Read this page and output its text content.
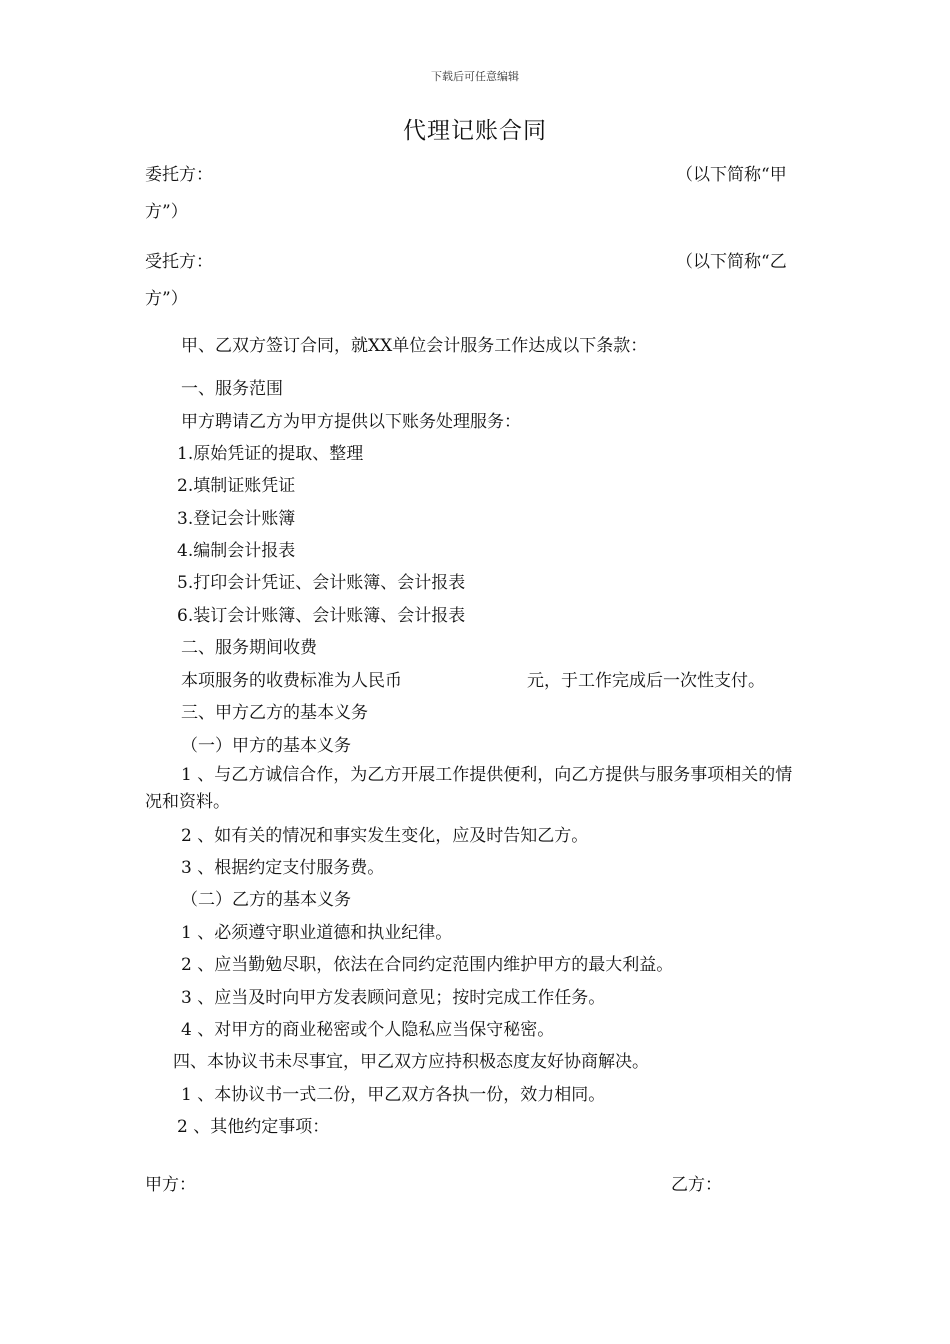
下载后可任意编辑
代理记账合同
委托方：	（以下简称“甲
方”）
受托方：	（以下简称“乙
方”）
甲、乙双方签订合同，就XX单位会计服务工作达成以下条款：
一、服务范围
甲方聘请乙方为甲方提供以下账务处理服务：
1.原始凭证的提取、整理
2.填制证账凭证
3.登记会计账簿
4.编制会计报表
5.打印会计凭证、会计账簿、会计报表
6.装订会计账簿、会计账簿、会计报表
二、服务期间收费
本项服务的收费标准为人民币	元，于工作完成后一次性支付。
三、甲方乙方的基本义务
（一）甲方的基本义务
1 、与乙方诚信合作，为乙方开展工作提供便利，向乙方提供与服务事项相关的情况和资料。
2 、如有关的情况和事实发生变化，应及时告知乙方。
3 、根据约定支付服务费。
（二）乙方的基本义务
1 、必须遵守职业道德和执业纪律。
2 、应当勤勉尽职，依法在合同约定范围内维护甲方的最大利益。
3 、应当及时向甲方发表顾问意见；按时完成工作任务。
4 、对甲方的商业秘密或个人隐私应当保守秘密。
四、本协议书未尽事宜，甲乙双方应持积极态度友好协商解决。
1 、本协议书一式二份，甲乙双方各执一份，效力相同。
2 、其他约定事项：
甲方：	乙方：
